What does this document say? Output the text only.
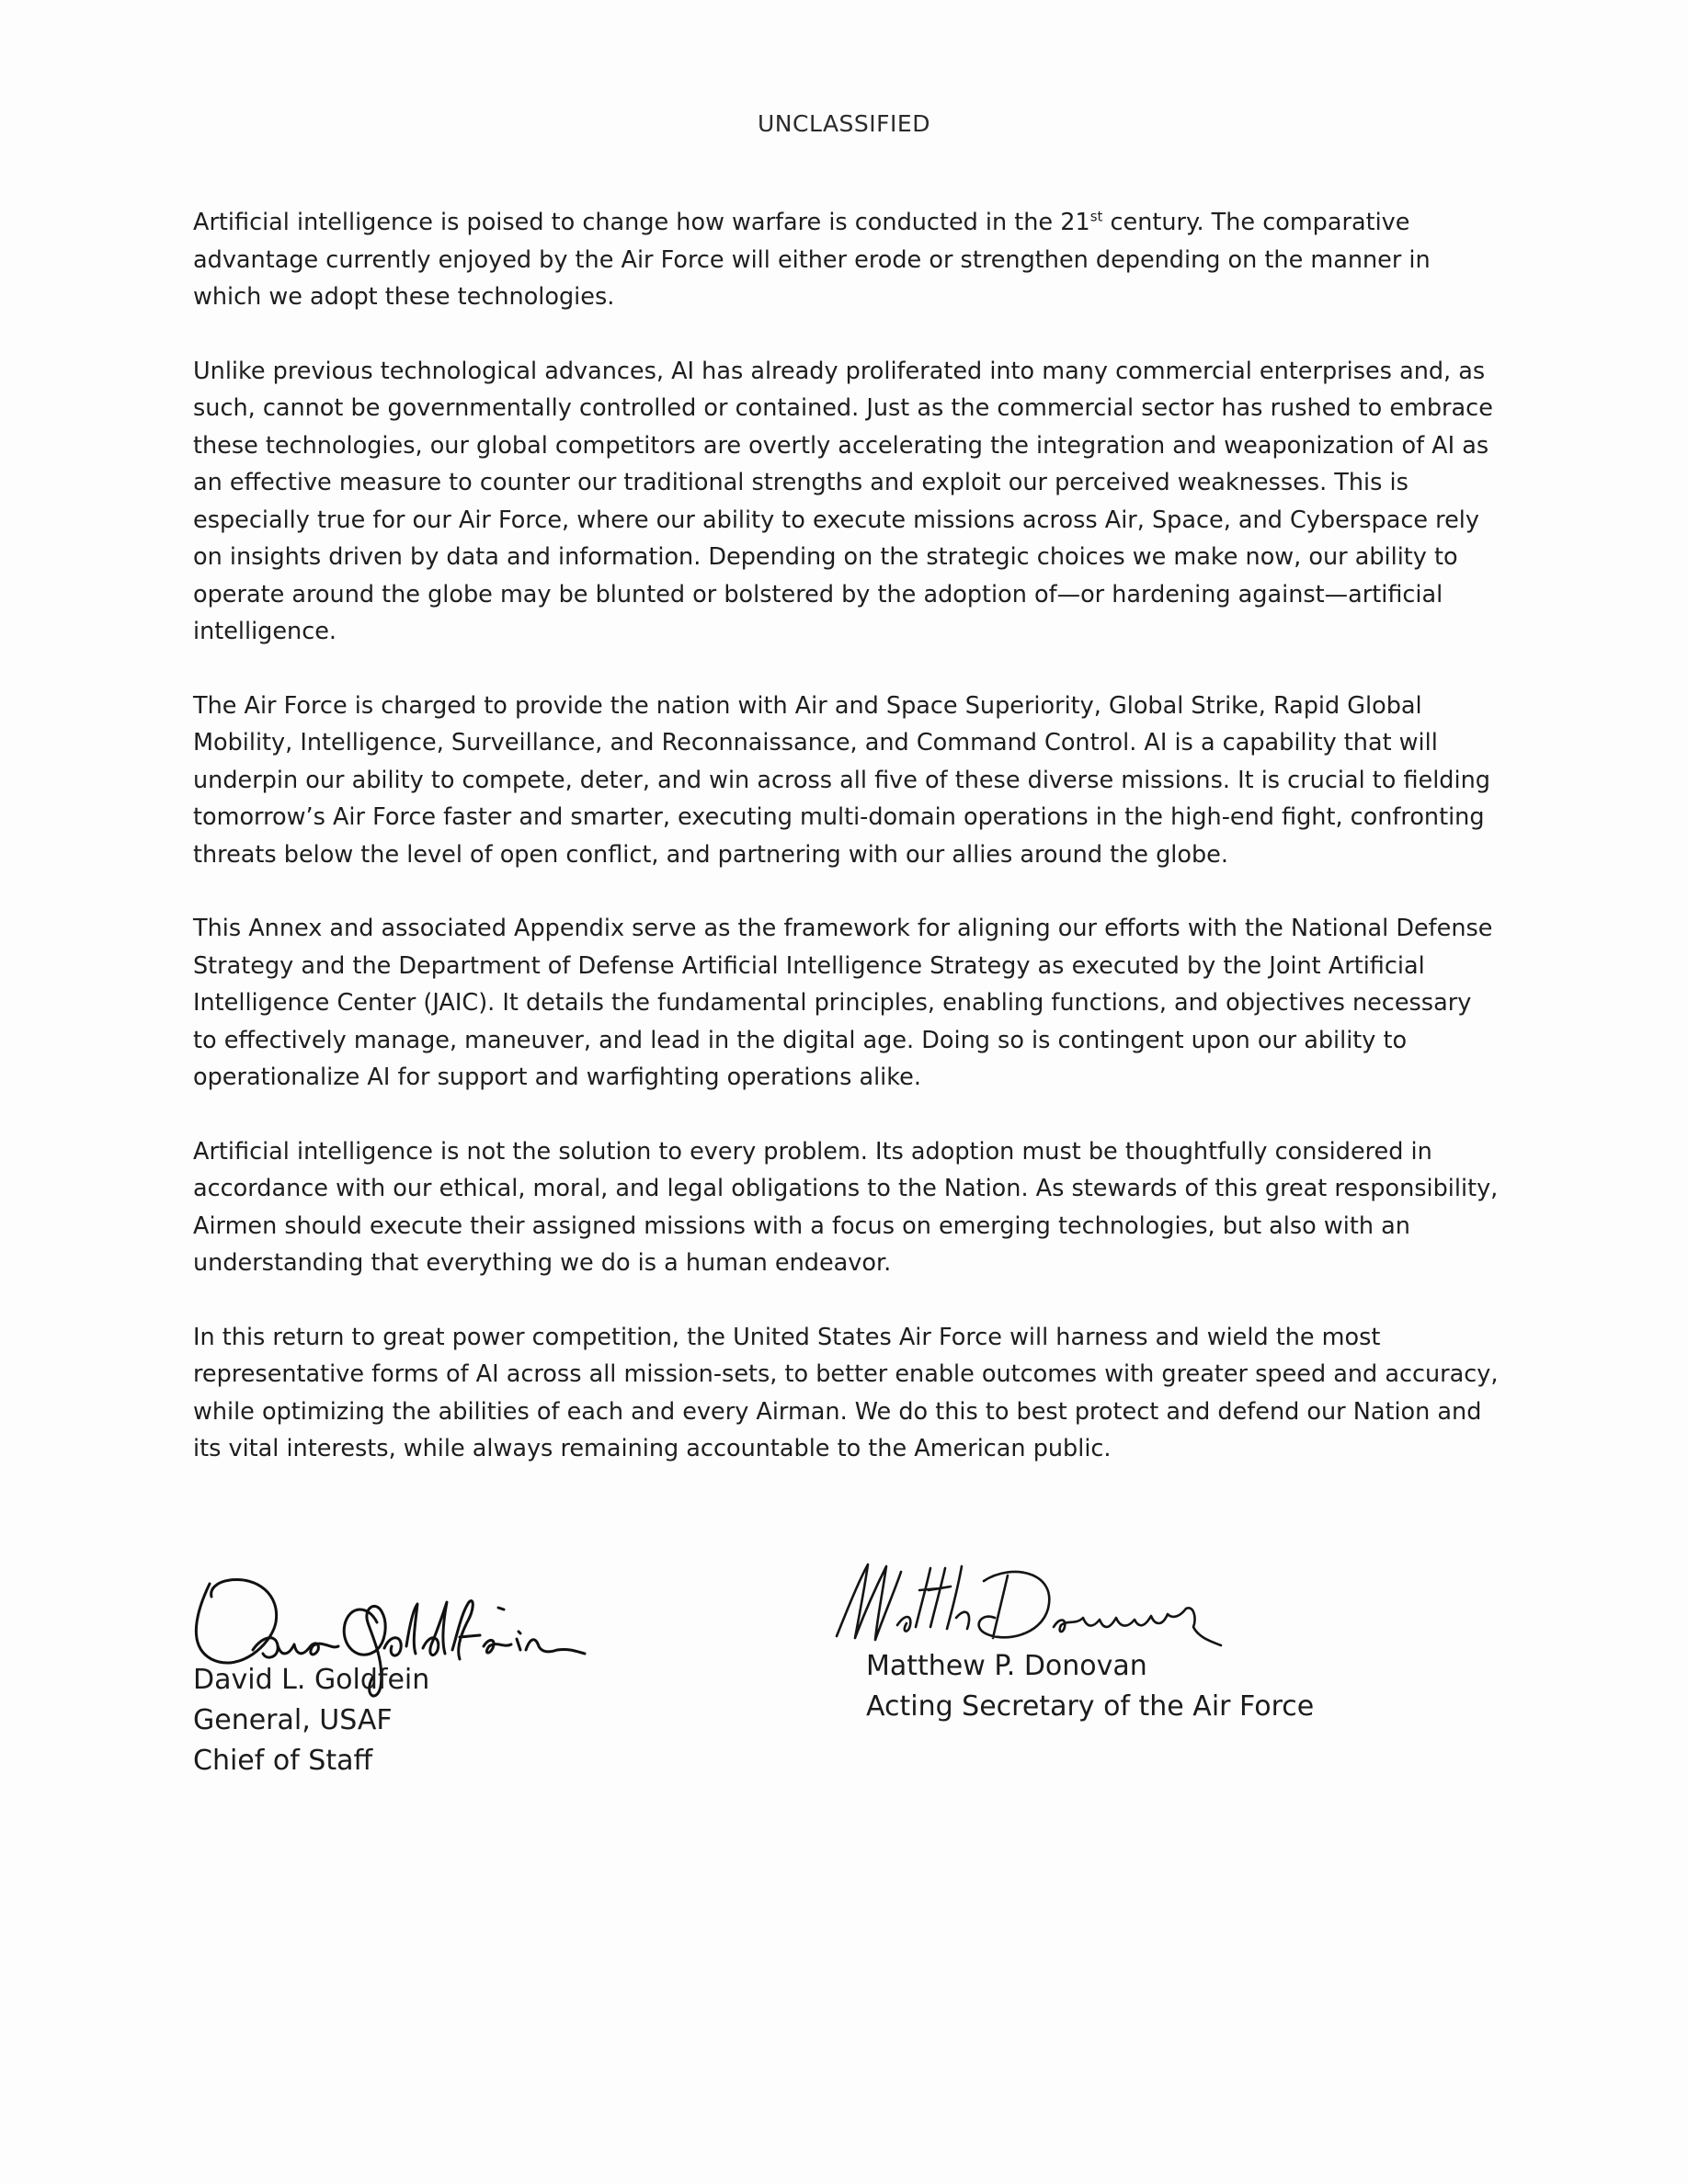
UNCLASSIFIED

Artificial intelligence is poised to change how warfare is conducted in the 21st century. The comparative advantage currently enjoyed by the Air Force will either erode or strengthen depending on the manner in which we adopt these technologies.

Unlike previous technological advances, AI has already proliferated into many commercial enterprises and, as such, cannot be governmentally controlled or contained. Just as the commercial sector has rushed to embrace these technologies, our global competitors are overtly accelerating the integration and weaponization of AI as an effective measure to counter our traditional strengths and exploit our perceived weaknesses. This is especially true for our Air Force, where our ability to execute missions across Air, Space, and Cyberspace rely on insights driven by data and information. Depending on the strategic choices we make now, our ability to operate around the globe may be blunted or bolstered by the adoption of—or hardening against—artificial intelligence.

The Air Force is charged to provide the nation with Air and Space Superiority, Global Strike, Rapid Global Mobility, Intelligence, Surveillance, and Reconnaissance, and Command Control. AI is a capability that will underpin our ability to compete, deter, and win across all five of these diverse missions. It is crucial to fielding tomorrow’s Air Force faster and smarter, executing multi-domain operations in the high-end fight, confronting threats below the level of open conflict, and partnering with our allies around the globe.

This Annex and associated Appendix serve as the framework for aligning our efforts with the National Defense Strategy and the Department of Defense Artificial Intelligence Strategy as executed by the Joint Artificial Intelligence Center (JAIC). It details the fundamental principles, enabling functions, and objectives necessary to effectively manage, maneuver, and lead in the digital age. Doing so is contingent upon our ability to operationalize AI for support and warfighting operations alike.

Artificial intelligence is not the solution to every problem. Its adoption must be thoughtfully considered in accordance with our ethical, moral, and legal obligations to the Nation. As stewards of this great responsibility, Airmen should execute their assigned missions with a focus on emerging technologies, but also with an understanding that everything we do is a human endeavor.

In this return to great power competition, the United States Air Force will harness and wield the most representative forms of AI across all mission-sets, to better enable outcomes with greater speed and accuracy, while optimizing the abilities of each and every Airman. We do this to best protect and defend our Nation and its vital interests, while always remaining accountable to the American public.

David L. Goldfein
General, USAF
Chief of Staff
Matthew P. Donovan
Acting Secretary of the Air Force
